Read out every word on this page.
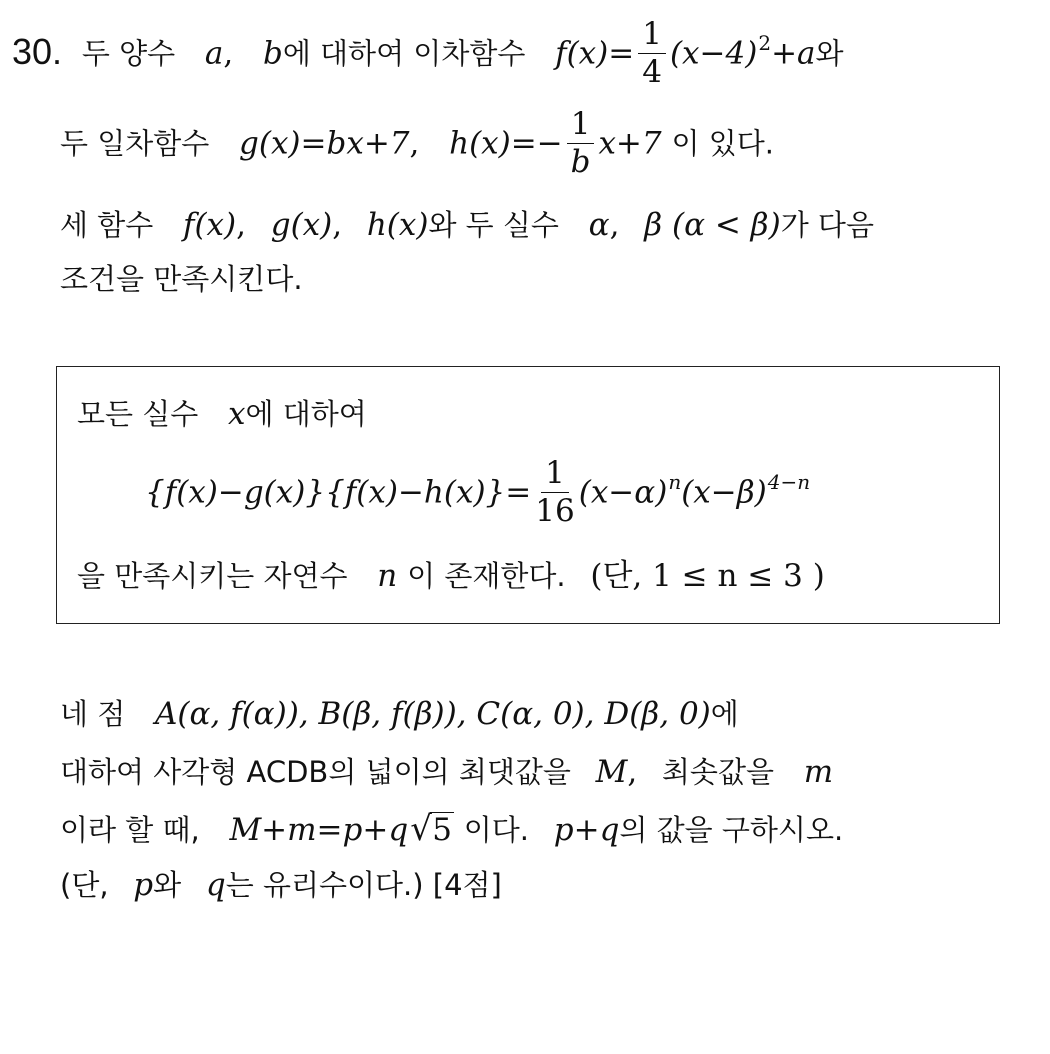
30. 두 양수 a, b에 대하여 이차함수 $f(x)= \frac{1}{4} (x-4)^2+a$와
두 일차함수 g(x)=bx+7, $h(x)=- \frac{1}{b} x+7$ 이 있다.
세 함수 f(x), g(x), h(x)와 두 실수 α, β (α < β)가 다음
조건을 만족시킨다.
모든 실수 x에 대하여
$\{f(x)-g(x)\}\{f(x)-h(x)\}= \frac{1}{16} (x-\alpha)^n(x-\beta)^{4-n}$
을 만족시키는 자연수 n 이 존재한다. (단, 1 ≤ n ≤ 3 )
네 점 A(α, f(α)), B(β, f(β)), C(α, 0), D(β, 0)에
대하여 사각형 ACDB의 넓이의 최댓값을 M, 최솟값을 m
이라 할 때, M+m=p+q √ 5 이다. p+q의 값을 구하시오.
(단, p와 q는 유리수이다.) [4점]
